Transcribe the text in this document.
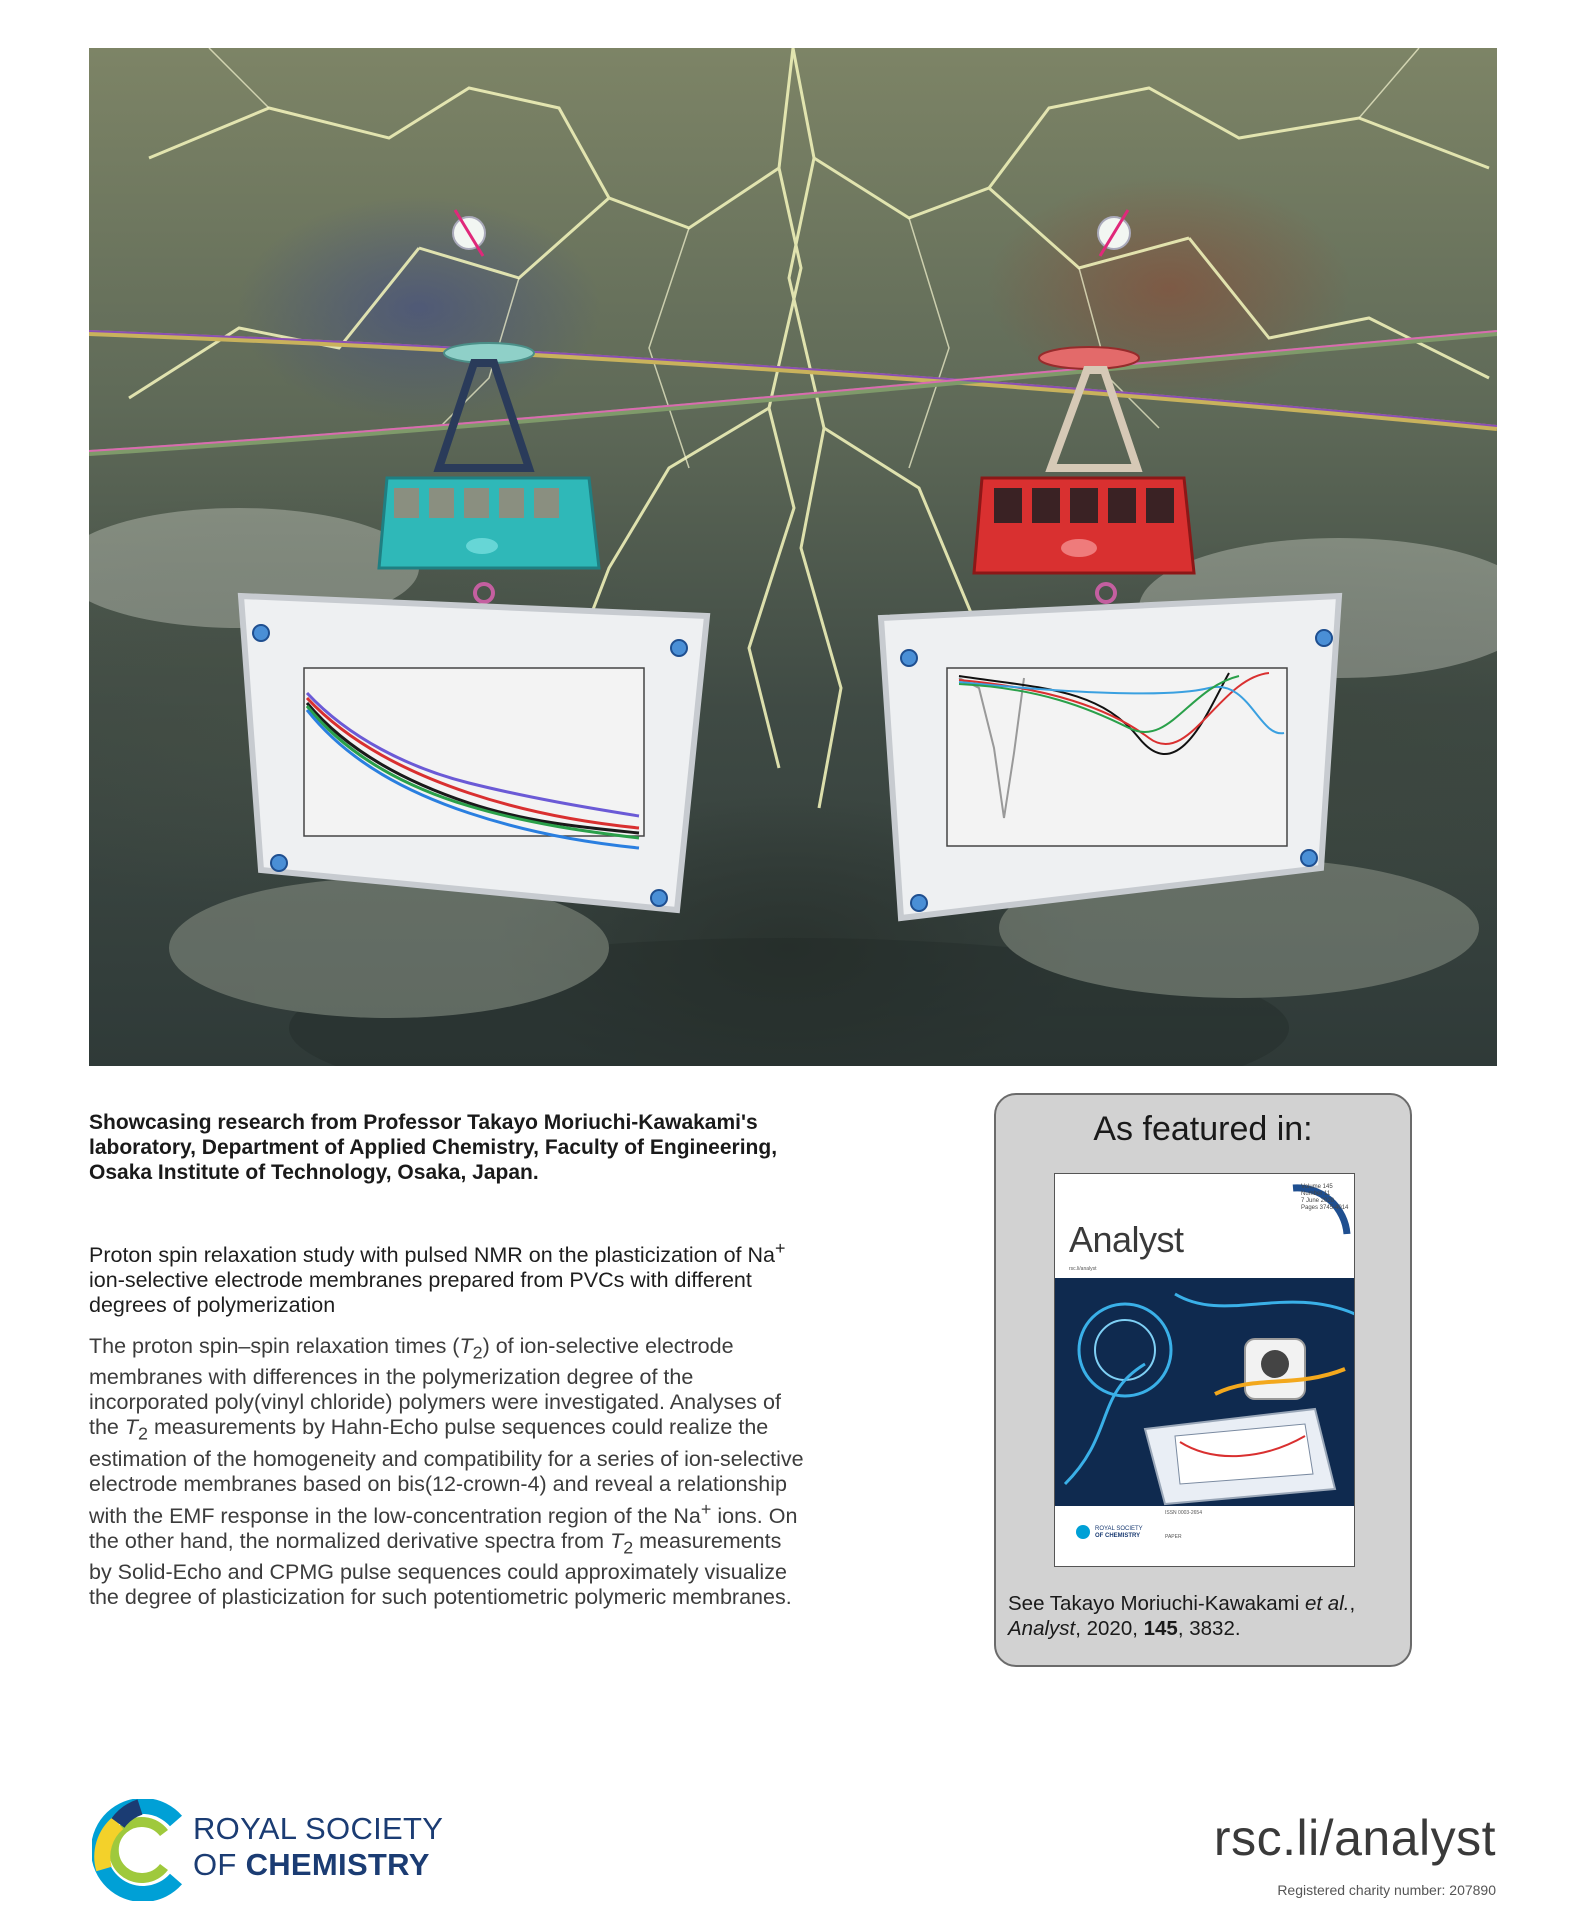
Showcasing research from Professor Takayo Moriuchi-Kawakami's laboratory, Department of Applied Chemistry, Faculty of Engineering, Osaka Institute of Technology, Osaka, Japan.
Proton spin relaxation study with pulsed NMR on the plasticization of Na+ ion-selective electrode membranes prepared from PVCs with different degrees of polymerization
The proton spin–spin relaxation times $(T_2)$ of ion-selective electrode membranes with differences in the polymerization degree of the incorporated poly(vinyl chloride) polymers were investigated. Analyses of the $T_2$ measurements by Hahn-Echo pulse sequences could realize the estimation of the homogeneity and compatibility for a series of ion-selective electrode membranes based on bis(12-crown-4) and reveal a relationship with the EMF response in the low-concentration region of the Na+ ions. On the other hand, the normalized derivative spectra from $T_2$ measurements by Solid-Echo and CPMG pulse sequences could approximately visualize the degree of plasticization for such potentiometric polymeric membranes.
As featured in:
Volume 145
Number 11
7 June 2020
Pages 3745-4014
Analyst
rsc.li/analyst
PAPER
ISSN 0003-2654
ROYAL SOCIETY
OF CHEMISTRY
See Takayo Moriuchi-Kawakami et al.,
Analyst, 2020, 145, 3832.
ROYAL SOCIETY
OF CHEMISTRY	rsc.li/analyst
Registered charity number: 207890
